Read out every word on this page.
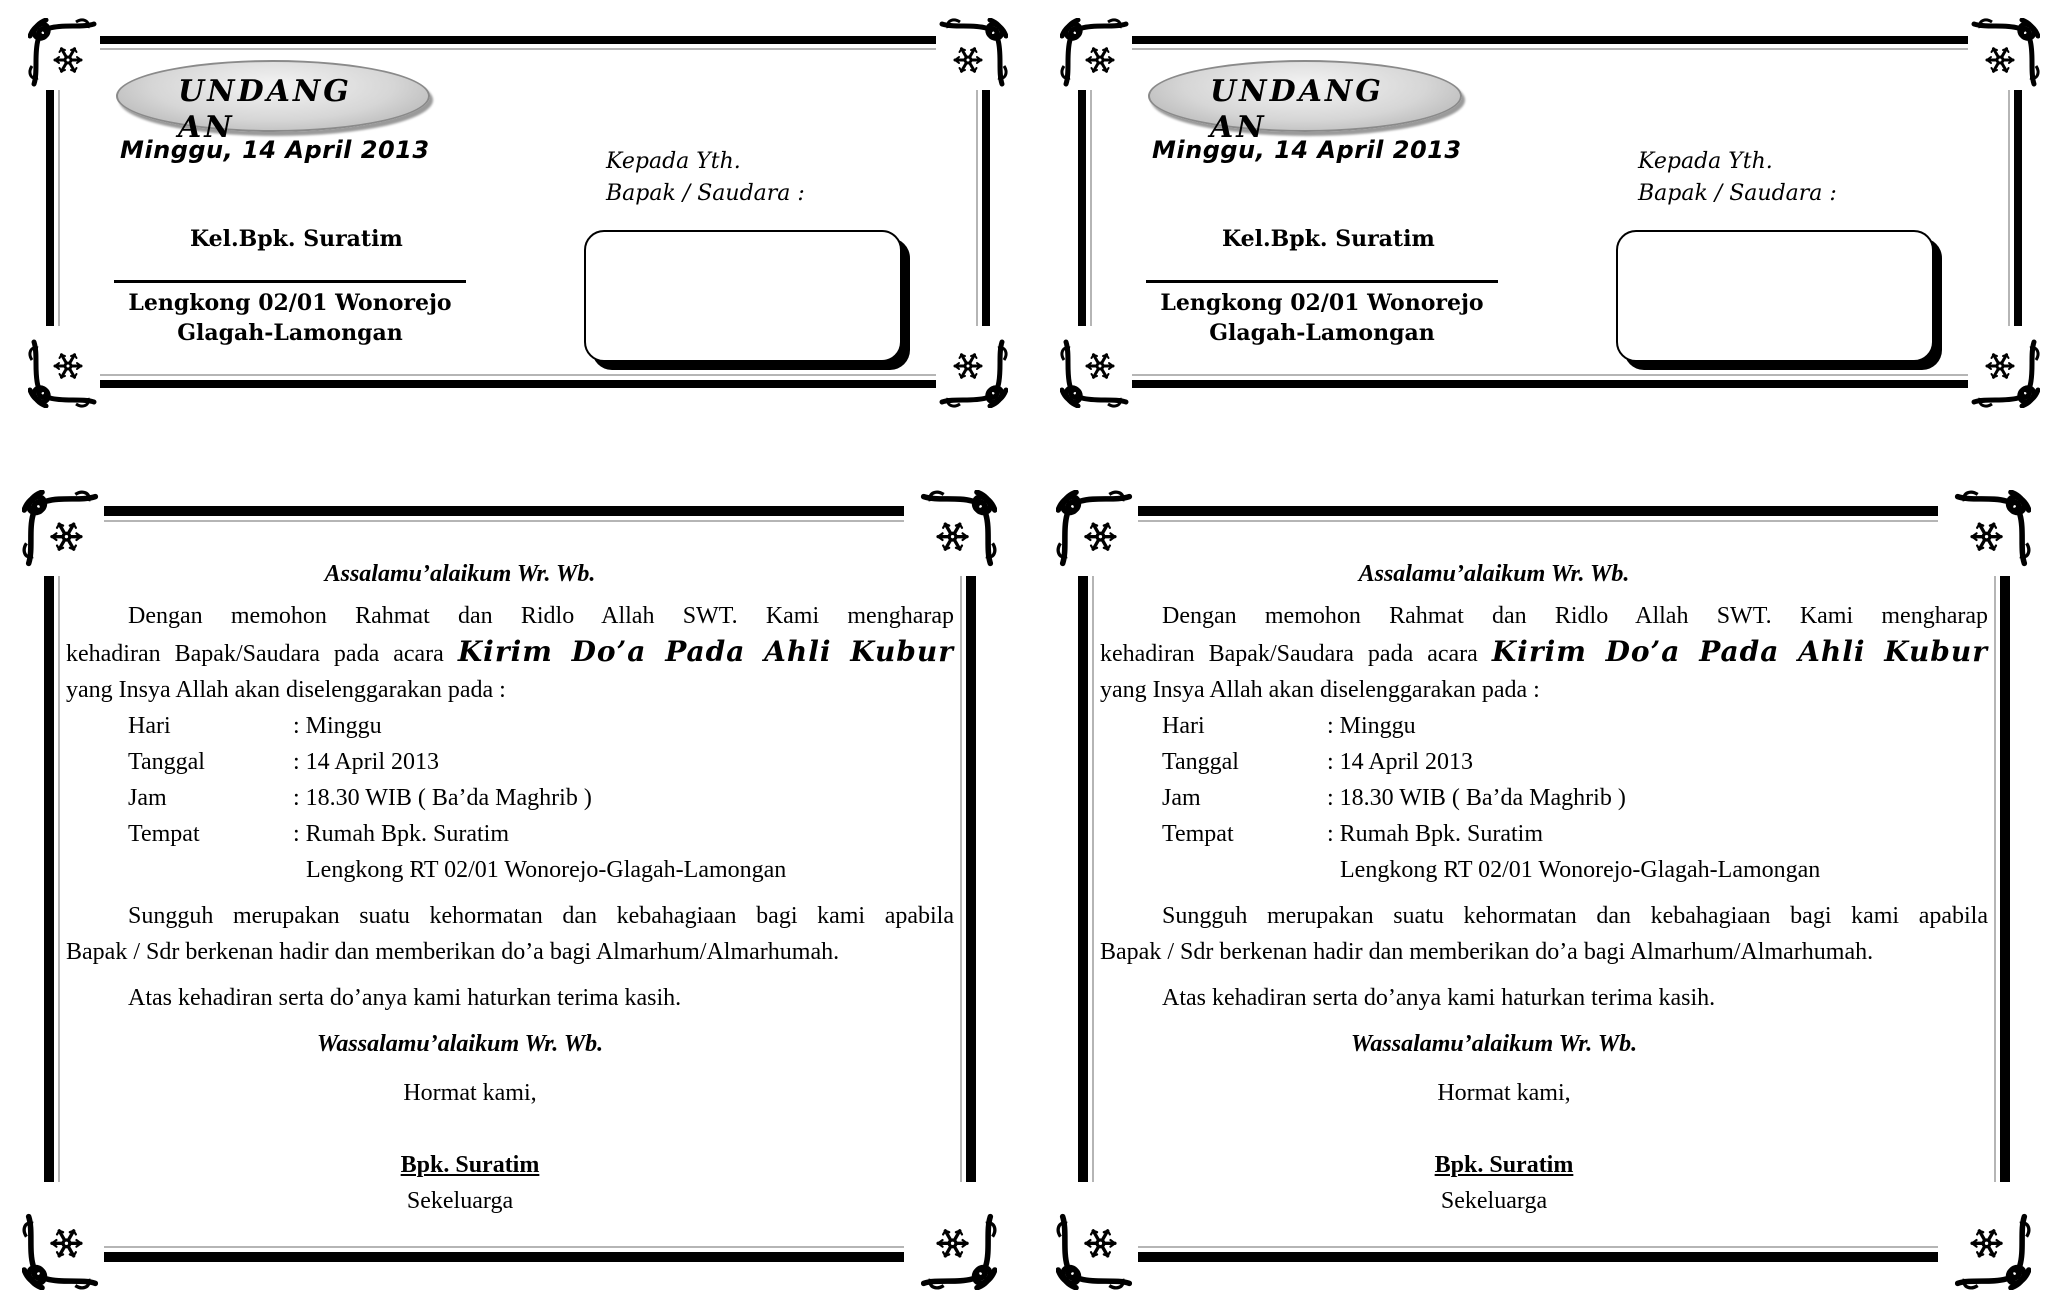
UNDANGAN
Minggu, 14 April 2013
Kel.Bpk. Suratim
Lengkong 02/01 Wonorejo
Glagah-Lamongan
Kepada Yth.
Bapak / Saudara :
UNDANGAN
Minggu, 14 April 2013
Kel.Bpk. Suratim
Lengkong 02/01 Wonorejo
Glagah-Lamongan
Kepada Yth.
Bapak / Saudara :
Assalamu’alaikum Wr. Wb.
Dengan memohon Rahmat dan Ridlo Allah SWT. Kami mengharap
kehadiran Bapak/Saudara pada acara Kirim Do’a Pada Ahli Kubur
yang Insya Allah akan diselenggarakan pada :
Hari	: Minggu
Tanggal	: 14 April 2013
Jam	: 18.30 WIB ( Ba’da Maghrib )
Tempat	: Rumah Bpk. Suratim
Lengkong RT 02/01 Wonorejo-Glagah-Lamongan
Sungguh merupakan suatu kehormatan dan kebahagiaan bagi kami apabila
Bapak / Sdr berkenan hadir dan memberikan do’a bagi Almarhum/Almarhumah.
Atas kehadiran serta do’anya kami haturkan terima kasih.
Wassalamu’alaikum Wr. Wb.
Hormat kami,
Bpk. Suratim
Sekeluarga
Assalamu’alaikum Wr. Wb.
Dengan memohon Rahmat dan Ridlo Allah SWT. Kami mengharap
kehadiran Bapak/Saudara pada acara Kirim Do’a Pada Ahli Kubur
yang Insya Allah akan diselenggarakan pada :
Hari	: Minggu
Tanggal	: 14 April 2013
Jam	: 18.30 WIB ( Ba’da Maghrib )
Tempat	: Rumah Bpk. Suratim
Lengkong RT 02/01 Wonorejo-Glagah-Lamongan
Sungguh merupakan suatu kehormatan dan kebahagiaan bagi kami apabila
Bapak / Sdr berkenan hadir dan memberikan do’a bagi Almarhum/Almarhumah.
Atas kehadiran serta do’anya kami haturkan terima kasih.
Wassalamu’alaikum Wr. Wb.
Hormat kami,
Bpk. Suratim
Sekeluarga
